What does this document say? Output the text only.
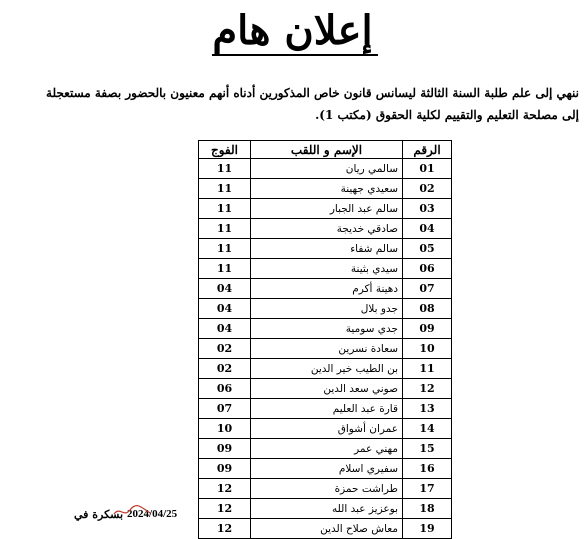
إعلان هام
ننهي إلى علم طلبة السنة الثالثة ليسانس قانون خاص المذكورين أدناه أنهم معنيون بالحضور بصفة مستعجلة
إلى مصلحة التعليم والتقييم لكلية الحقوق (مكتب 1).
الرقم	الإسم و اللقب	الفوج
01	سالمي ريان	11
02	سعيدي جهينة	11
03	سالم عبد الجبار	11
04	صادقي خديجة	11
05	سالم شفاء	11
06	سيدي بثينة	11
07	دهينة أكرم	04
08	جدو بلال	04
09	جدي سومية	04
10	سعادة نسرين	02
11	بن الطيب خير الدين	02
12	صوني سعد الدين	06
13	قارة عبد العليم	07
14	عمران أشواق	10
15	مهني عمر	09
16	سفيري اسلام	09
17	طراشت حمزة	12
18	بوعزيز عبد الله	12
19	معاش صلاح الدين	12
بسكرة في 2024/04/25
